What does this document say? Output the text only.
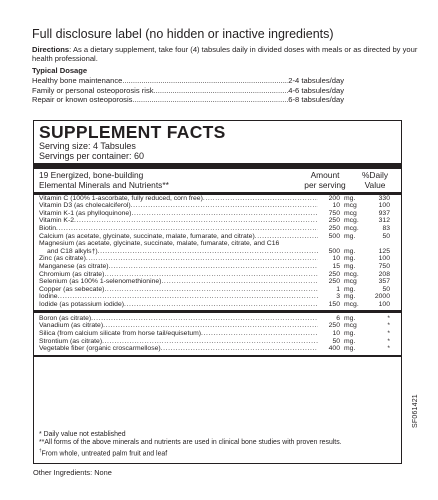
Full disclosure label (no hidden or inactive ingredients)
Directions: As a dietary supplement, take four (4) tabsules daily in divided doses with meals or as directed by your health professional.
Typical Dosage
Healthy bone maintenance .....	2-4 tabsules/day
Family or personal osteoporosis risk .....	4-6 tabsules/day
Repair or known osteoporosis .....	6-8 tabsules/day
SUPPLEMENT FACTS
Serving size: 4 Tabsules
Servings per container: 60
19 Energized, bone-building
Elemental Minerals and Nutrients**
Amount
per serving
%Daily
Value
Vitamin C (100% 1-ascorbate, fully reduced, corn free) .....	200 mg.	330
Vitamin D3 (as cholecalciferol) .....	10 mcg	100
Vitamin K-1 (as phylloquinone) .....	750 mcg	937
Vitamin K-2 .....	250 mcg.	312
Biotin .....	250 mcg.	83
Calcium (as acetate, glycinate, succinate, malate, fumarate, and citrate) .....	500 mg.	50
Magnesium (as acetate, glycinate, succinate, malate, fumarate, citrate, and C16
and C18 alkyls†) .....	500 mg.	125
Zinc (as citrate) .....	10 mg.	100
Manganese (as citrate) .....	15 mg.	750
Chromium (as citrate) .....	250 mcg.	208
Selenium (as 100% 1-selenomethionine) .....	250 mcg	357
Copper (as sebecate) .....	1 mg.	50
Iodine .....	3 mg.	2000
Iodide (as potassium iodide) .....	150 mcg.	100
Boron (as citrate) .....	6 mg.	*
Vanadium (as citrate) .....	250 mcg	*
Silica (from calcium silicate from horse tail/equisetum) .....	10 mg.	*
Strontium (as citrate) .....	50 mg.	*
Vegetable fiber (organic croscarmellose) .....	400 mg.	*
* Daily value not established
**All forms of the above minerals and nutrients are used in clinical bone studies with proven results.
†From whole, untreated palm fruit and leaf
Other Ingredients: None
SF061421
